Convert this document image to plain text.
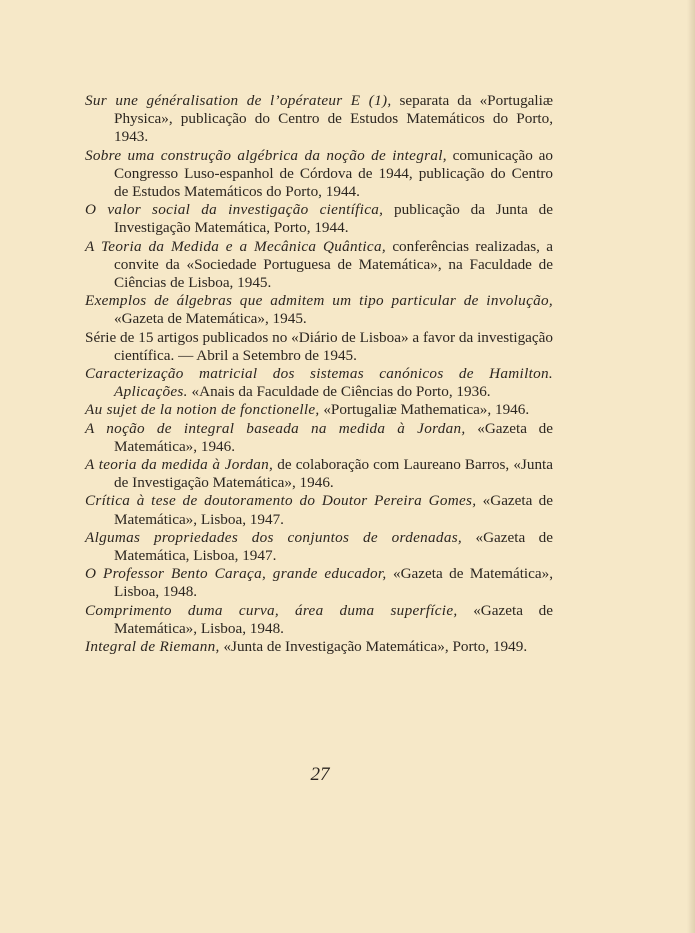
Sur une généralisation de l’opérateur E (1), separata da «Portugaliæ Physica», publicação do Centro de Estudos Matemáticos do Porto, 1943.

Sobre uma construção algébrica da noção de integral, comunicação ao Congresso Luso-espanhol de Córdova de 1944, publicação do Centro de Estudos Matemáticos do Porto, 1944.

O valor social da investigação científica, publicação da Junta de Investigação Matemática, Porto, 1944.

A Teoria da Medida e a Mecânica Quântica, conferências realizadas, a convite da «Sociedade Portuguesa de Matemática», na Faculdade de Ciências de Lisboa, 1945.

Exemplos de álgebras que admitem um tipo particular de involução, «Gazeta de Matemática», 1945.

Série de 15 artigos publicados no «Diário de Lisboa» a favor da investigação científica. — Abril a Setembro de 1945.

Caracterização matricial dos sistemas canónicos de Hamilton. Aplicações. «Anais da Faculdade de Ciências do Porto, 1936.

Au sujet de la notion de fonctionelle, «Portugaliæ Mathematica», 1946.

A noção de integral baseada na medida à Jordan, «Gazeta de Matemática», 1946.

A teoria da medida à Jordan, de colaboração com Laureano Barros, «Junta de Investigação Matemática», 1946.

Crítica à tese de doutoramento do Doutor Pereira Gomes, «Gazeta de Matemática», Lisboa, 1947.

Algumas propriedades dos conjuntos de ordenadas, «Gazeta de Matemática, Lisboa, 1947.

O Professor Bento Caraça, grande educador, «Gazeta de Matemática», Lisboa, 1948.

Comprimento duma curva, área duma superfície, «Gazeta de Matemática», Lisboa, 1948.

Integral de Riemann, «Junta de Investigação Matemática», Porto, 1949.

27
